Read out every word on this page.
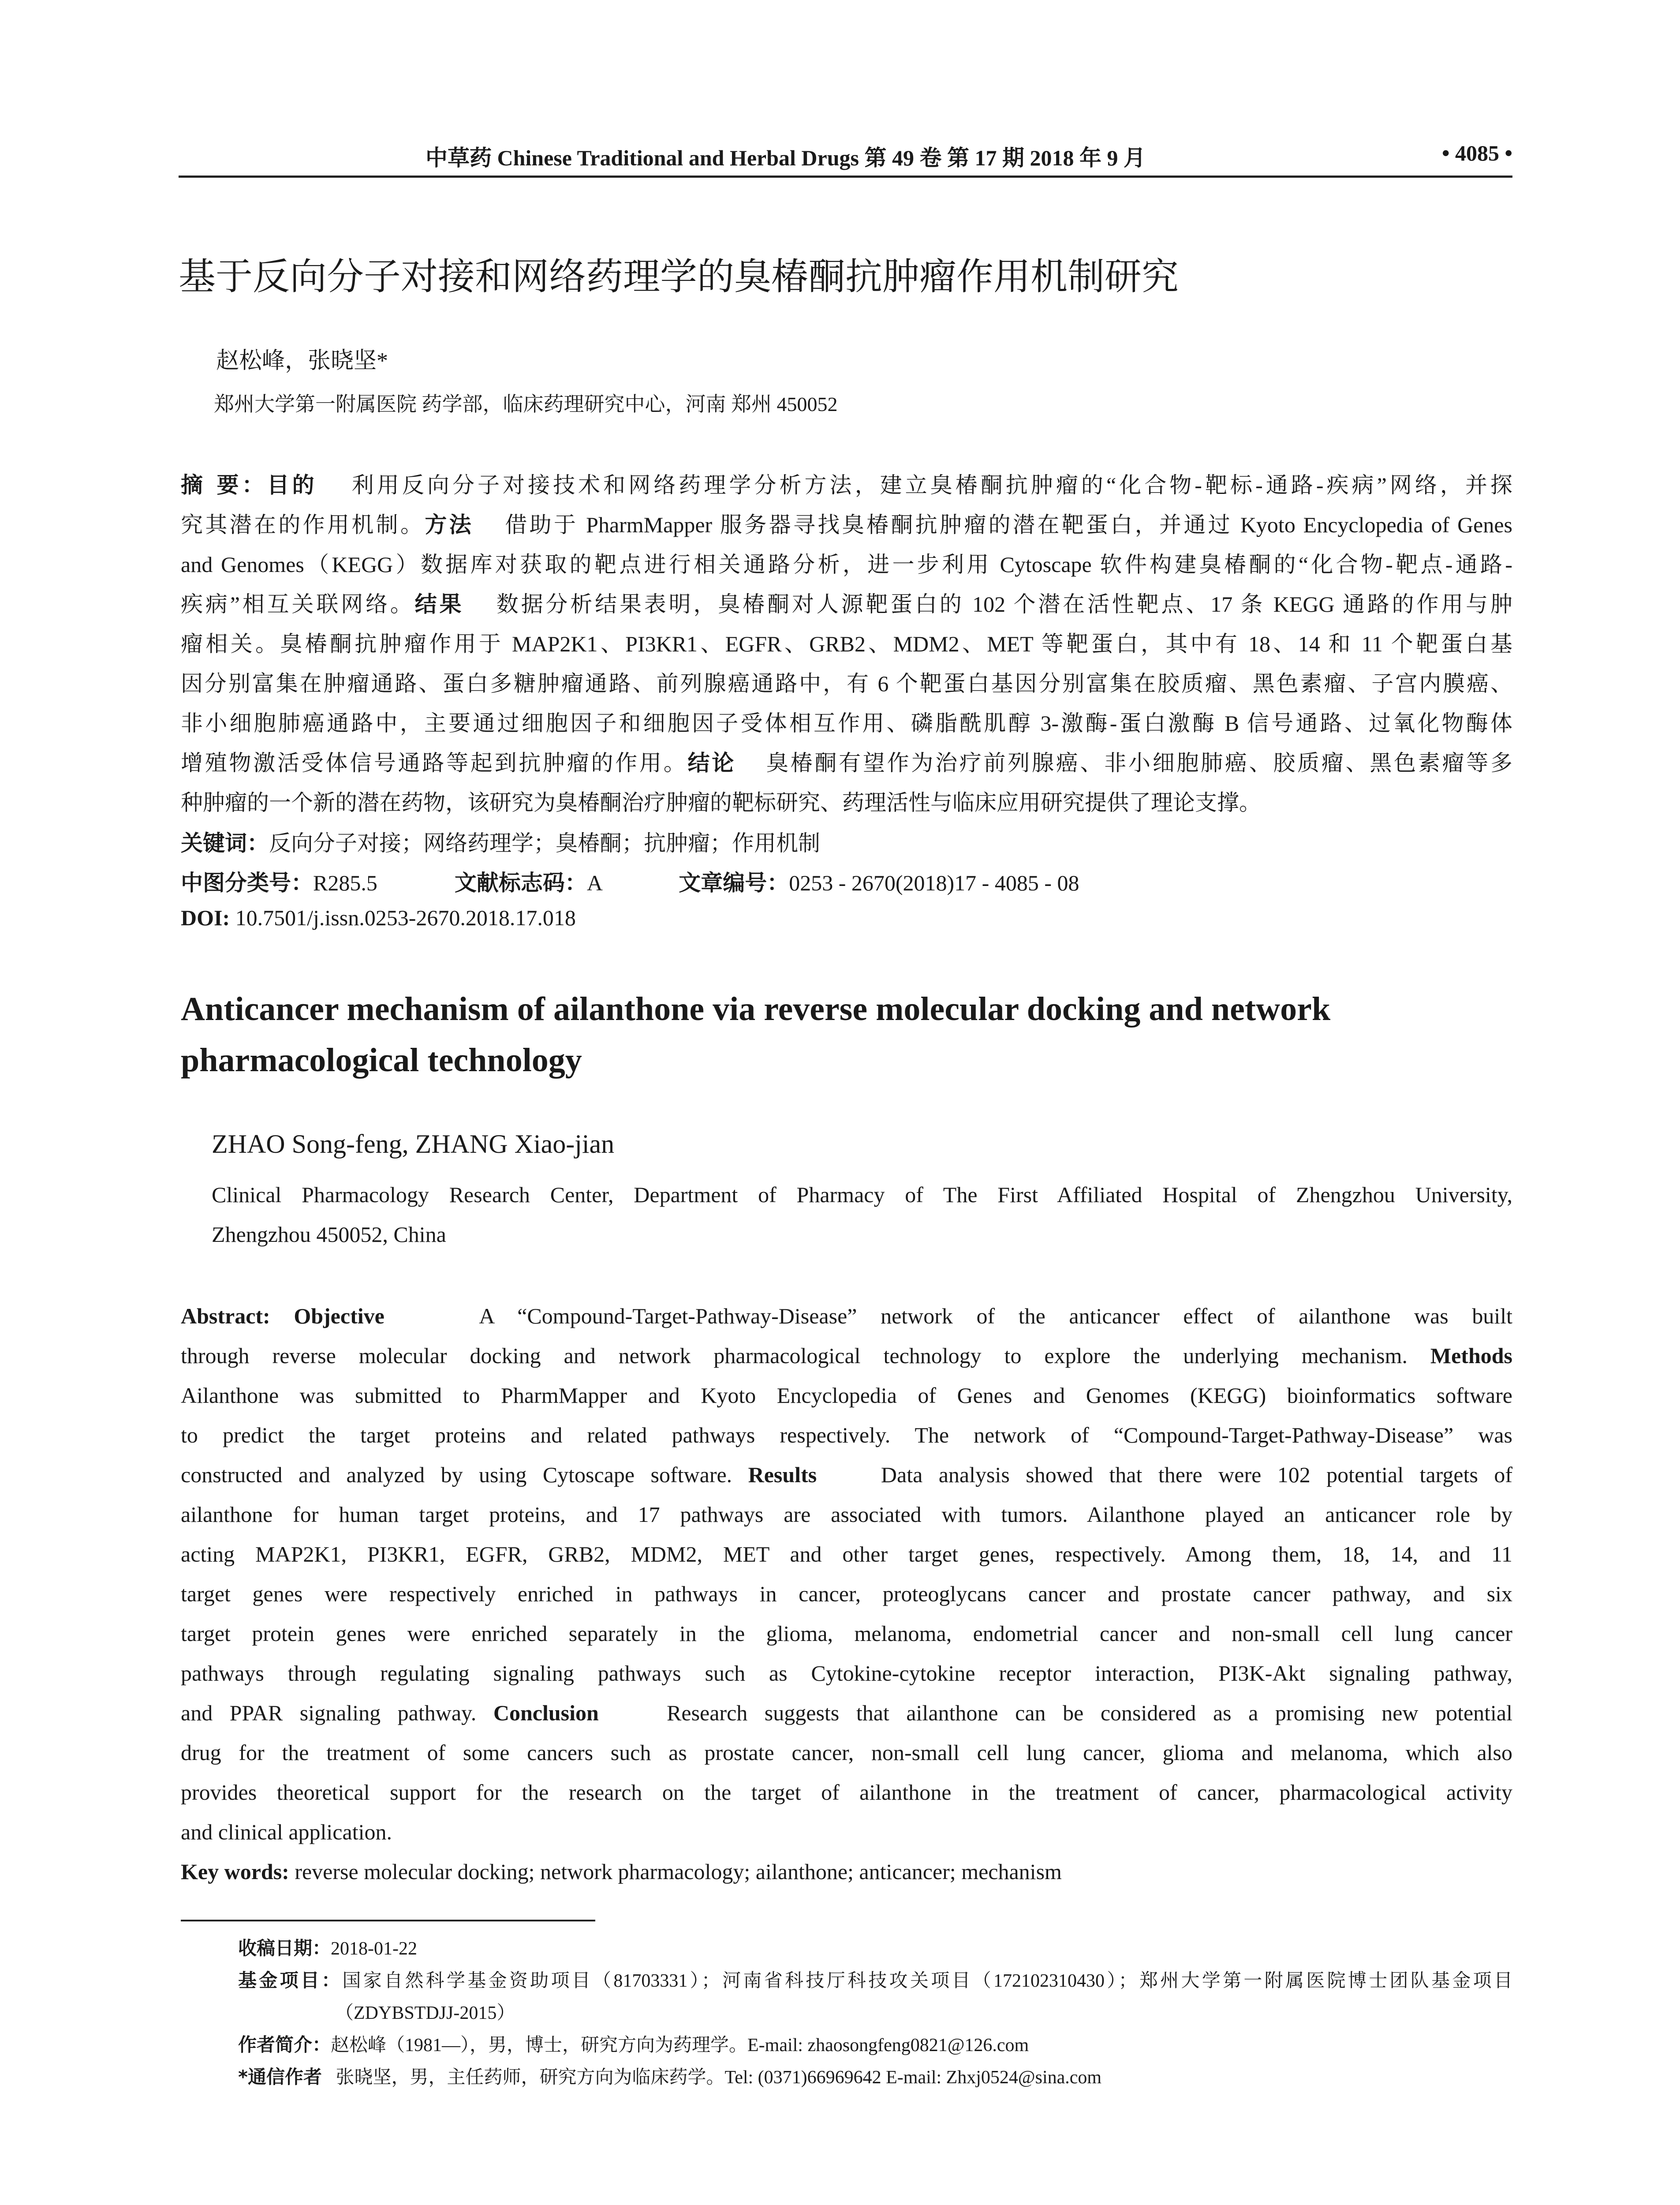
中草药 Chinese Traditional and Herbal Drugs 第 49 卷 第 17 期 2018 年 9 月	• 4085 •
基于反向分子对接和网络药理学的臭椿酮抗肿瘤作用机制研究
赵松峰，张晓坚*
郑州大学第一附属医院 药学部，临床药理研究中心，河南 郑州 450052
摘 要：目的 利用反向分子对接技术和网络药理学分析方法，建立臭椿酮抗肿瘤的“化合物-靶标-通路-疾病”网络，并探
究其潜在的作用机制。方法 借助于 PharmMapper 服务器寻找臭椿酮抗肿瘤的潜在靶蛋白，并通过 Kyoto Encyclopedia of Genes
and Genomes（KEGG）数据库对获取的靶点进行相关通路分析，进一步利用 Cytoscape 软件构建臭椿酮的“化合物-靶点-通路-
疾病”相互关联网络。结果 数据分析结果表明，臭椿酮对人源靶蛋白的 102 个潜在活性靶点、17 条 KEGG 通路的作用与肿
瘤相关。臭椿酮抗肿瘤作用于 MAP2K1、PI3KR1、EGFR、GRB2、MDM2、MET 等靶蛋白，其中有 18、14 和 11 个靶蛋白基
因分别富集在肿瘤通路、蛋白多糖肿瘤通路、前列腺癌通路中，有 6 个靶蛋白基因分别富集在胶质瘤、黑色素瘤、子宫内膜癌、
非小细胞肺癌通路中，主要通过细胞因子和细胞因子受体相互作用、磷脂酰肌醇 3-激酶-蛋白激酶 B 信号通路、过氧化物酶体
增殖物激活受体信号通路等起到抗肿瘤的作用。结论 臭椿酮有望作为治疗前列腺癌、非小细胞肺癌、胶质瘤、黑色素瘤等多
种肿瘤的一个新的潜在药物，该研究为臭椿酮治疗肿瘤的靶标研究、药理活性与临床应用研究提供了理论支撑。
关键词：反向分子对接；网络药理学；臭椿酮；抗肿瘤；作用机制
中图分类号：R285.5	文献标志码：A	文章编号：0253 - 2670(2018)17 - 4085 - 08
DOI: 10.7501/j.issn.0253-2670.2018.17.018
Anticancer mechanism of ailanthone via reverse molecular docking and network pharmacological technology
ZHAO Song-feng, ZHANG Xiao-jian
Clinical Pharmacology Research Center, Department of Pharmacy of The First Affiliated Hospital of Zhengzhou University,
Zhengzhou 450052, China
Abstract: Objective	A “Compound-Target-Pathway-Disease” network of the anticancer effect of ailanthone was built
through reverse molecular docking and network pharmacological technology to explore the underlying mechanism. Methods
Ailanthone was submitted to PharmMapper and Kyoto Encyclopedia of Genes and Genomes (KEGG) bioinformatics software
to predict the target proteins and related pathways respectively. The network of “Compound-Target-Pathway-Disease” was
constructed and analyzed by using Cytoscape software. Results	Data analysis showed that there were 102 potential targets of
ailanthone for human target proteins, and 17 pathways are associated with tumors. Ailanthone played an anticancer role by
acting MAP2K1, PI3KR1, EGFR, GRB2, MDM2, MET and other target genes, respectively. Among them, 18, 14, and 11
target genes were respectively enriched in pathways in cancer, proteoglycans cancer and prostate cancer pathway, and six
target protein genes were enriched separately in the glioma, melanoma, endometrial cancer and non-small cell lung cancer
pathways through regulating signaling pathways such as Cytokine-cytokine receptor interaction, PI3K-Akt signaling pathway,
and PPAR signaling pathway. Conclusion	Research suggests that ailanthone can be considered as a promising new potential
drug for the treatment of some cancers such as prostate cancer, non-small cell lung cancer, glioma and melanoma, which also
provides theoretical support for the research on the target of ailanthone in the treatment of cancer, pharmacological activity
and clinical application.
Key words: reverse molecular docking; network pharmacology; ailanthone; anticancer; mechanism
收稿日期：2018-01-22
基金项目：国家自然科学基金资助项目（81703331）；河南省科技厅科技攻关项目（172102310430）；郑州大学第一附属医院博士团队基金项目
（ZDYBSTDJJ-2015）
作者简介：赵松峰（1981—），男，博士，研究方向为药理学。E-mail: zhaosongfeng0821@126.com
*通信作者 张晓坚，男，主任药师，研究方向为临床药学。Tel: (0371)66969642 E-mail: Zhxj0524@sina.com
